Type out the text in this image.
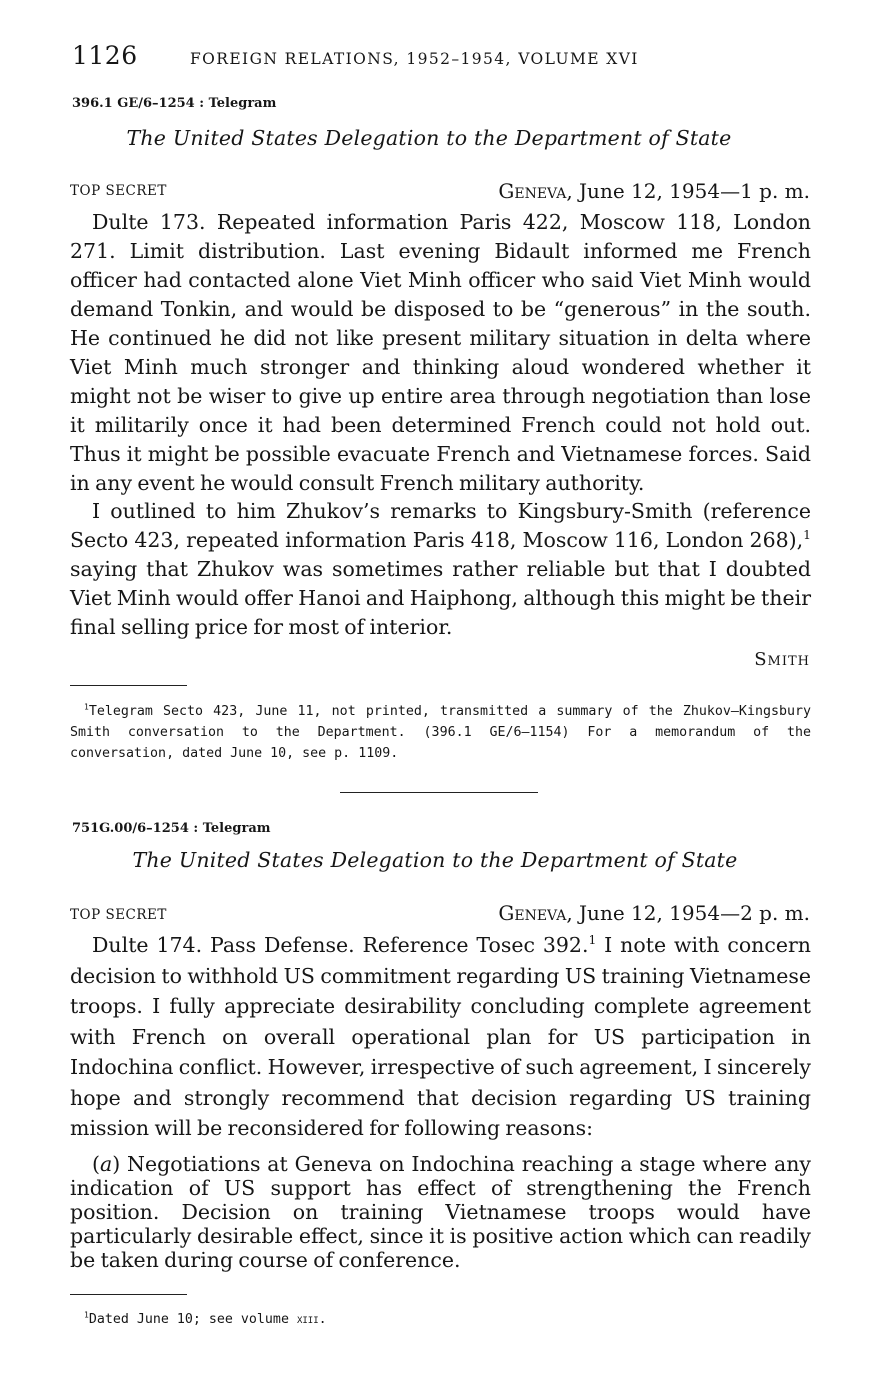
1126	FOREIGN RELATIONS, 1952–1954, VOLUME XVI
396.1 GE/6–1254 : Telegram
The United States Delegation to the Department of State
TOP SECRET	Geneva, June 12, 1954—1 p. m.

Dulte 173. Repeated information Paris 422, Moscow 118, London 271. Limit distribution. Last evening Bidault informed me French officer had contacted alone Viet Minh officer who said Viet Minh would demand Tonkin, and would be disposed to be “generous” in the south. He continued he did not like present military situation in delta where Viet Minh much stronger and thinking aloud wondered whether it might not be wiser to give up entire area through negotiation than lose it militarily once it had been determined French could not hold out. Thus it might be possible evacuate French and Vietnamese forces. Said in any event he would consult French military authority.

I outlined to him Zhukov’s remarks to Kingsbury-Smith (reference Secto 423, repeated information Paris 418, Moscow 116, London 268),$^1$ saying that Zhukov was sometimes rather reliable but that I doubted Viet Minh would offer Hanoi and Haiphong, although this might be their final selling price for most of interior.

Smith

$^1$Telegram Secto 423, June 11, not printed, transmitted a summary of the Zhukov–Kingsbury Smith conversation to the Department. (396.1 GE/6–1154) For a memorandum of the conversation, dated June 10, see p. 1109.

751G.00/6–1254 : Telegram
The United States Delegation to the Department of State
TOP SECRET	Geneva, June 12, 1954—2 p. m.

Dulte 174. Pass Defense. Reference Tosec 392.$^1$ I note with concern decision to withhold US commitment regarding US training Vietnamese troops. I fully appreciate desirability concluding complete agreement with French on overall operational plan for US participation in Indochina conflict. However, irrespective of such agreement, I sincerely hope and strongly recommend that decision regarding US training mission will be reconsidered for following reasons:

(a) Negotiations at Geneva on Indochina reaching a stage where any indication of US support has effect of strengthening the French position. Decision on training Vietnamese troops would have particularly desirable effect, since it is positive action which can readily be taken during course of conference.

$^1$Dated June 10; see volume xiii.
